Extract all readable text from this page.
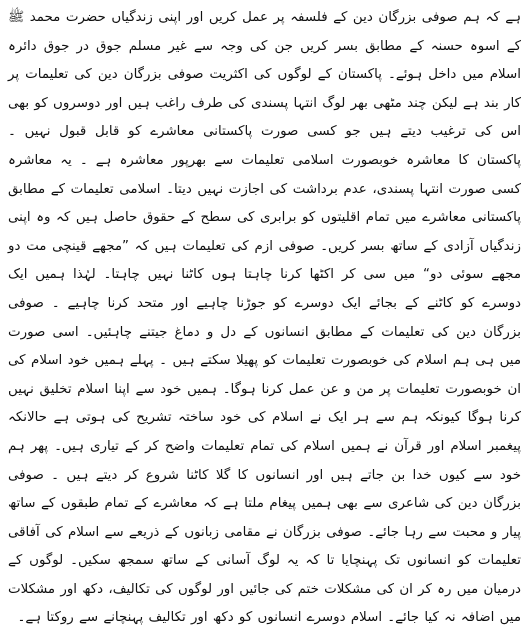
ہے کہ ہم صوفی بزرگان دین کے فلسفہ پر عمل کریں اور اپنی زندگیاں حضرت محمد ﷺ کے اسوہ حسنہ کے مطابق بسر کریں جن کی وجہ سے غیر مسلم جوق در جوق دائرہ اسلام میں داخل ہوئے۔ پاکستان کے لوگوں کی اکثریت صوفی بزرگان دین کی تعلیمات پر کار بند ہے لیکن چند مٹھی بھر لوگ انتہا پسندی کی طرف راغب ہیں اور دوسروں کو بھی اس کی ترغیب دیتے ہیں جو کسی صورت پاکستانی معاشرے کو قابل قبول نہیں ۔ پاکستان کا معاشرہ خوبصورت اسلامی تعلیمات سے بھرپور معاشرہ ہے ۔ یہ معاشرہ کسی صورت انتہا پسندی، عدم برداشت کی اجازت نہیں دیتا۔ اسلامی تعلیمات کے مطابق پاکستانی معاشرے میں تمام اقلیتوں کو برابری کی سطح کے حقوق حاصل ہیں کہ وہ اپنی زندگیاں آزادی کے ساتھ بسر کریں۔ صوفی ازم کی تعلیمات ہیں کہ ”مجھے قینچی مت دو مجھے سوئی دو“ میں سی کر اکٹھا کرنا چاہتا ہوں کاٹنا نہیں چاہتا۔ لہٰذا ہمیں ایک دوسرے کو کاٹنے کے بجائے ایک دوسرے کو جوڑنا چاہیے اور متحد کرنا چاہیے ۔ صوفی بزرگان دین کی تعلیمات کے مطابق انسانوں کے دل و دماغ جیتنے چاہئیں۔ اسی صورت میں ہی ہم اسلام کی خوبصورت تعلیمات کو پھیلا سکتے ہیں ۔ پہلے ہمیں خود اسلام کی ان خوبصورت تعلیمات پر من و عن عمل کرنا ہوگا۔ ہمیں خود سے اپنا اسلام تخلیق نہیں کرنا ہوگا کیونکہ ہم سے ہر ایک نے اسلام کی خود ساختہ تشریح کی ہوتی ہے حالانکہ پیغمبر اسلام اور قرآن نے ہمیں اسلام کی تمام تعلیمات واضح کر کے تیاری ہیں۔ پھر ہم خود سے کیوں خدا بن جاتے ہیں اور انسانوں کا گلا کاٹنا شروع کر دیتے ہیں ۔ صوفی بزرگان دین کی شاعری سے بھی ہمیں پیغام ملتا ہے کہ معاشرے کے تمام طبقوں کے ساتھ پیار و محبت سے رہا جائے۔ صوفی بزرگان نے مقامی زبانوں کے ذریعے سے اسلام کی آفاقی تعلیمات کو انسانوں تک پہنچایا تا کہ یہ لوگ آسانی کے ساتھ سمجھ سکیں۔ لوگوں کے درمیان میں رہ کر ان کی مشکلات ختم کی جائیں اور لوگوں کی تکالیف، دکھ اور مشکلات میں اضافہ نہ کیا جائے۔ اسلام دوسرے انسانوں کو دکھ اور تکالیف پہنچانے سے روکتا ہے۔
